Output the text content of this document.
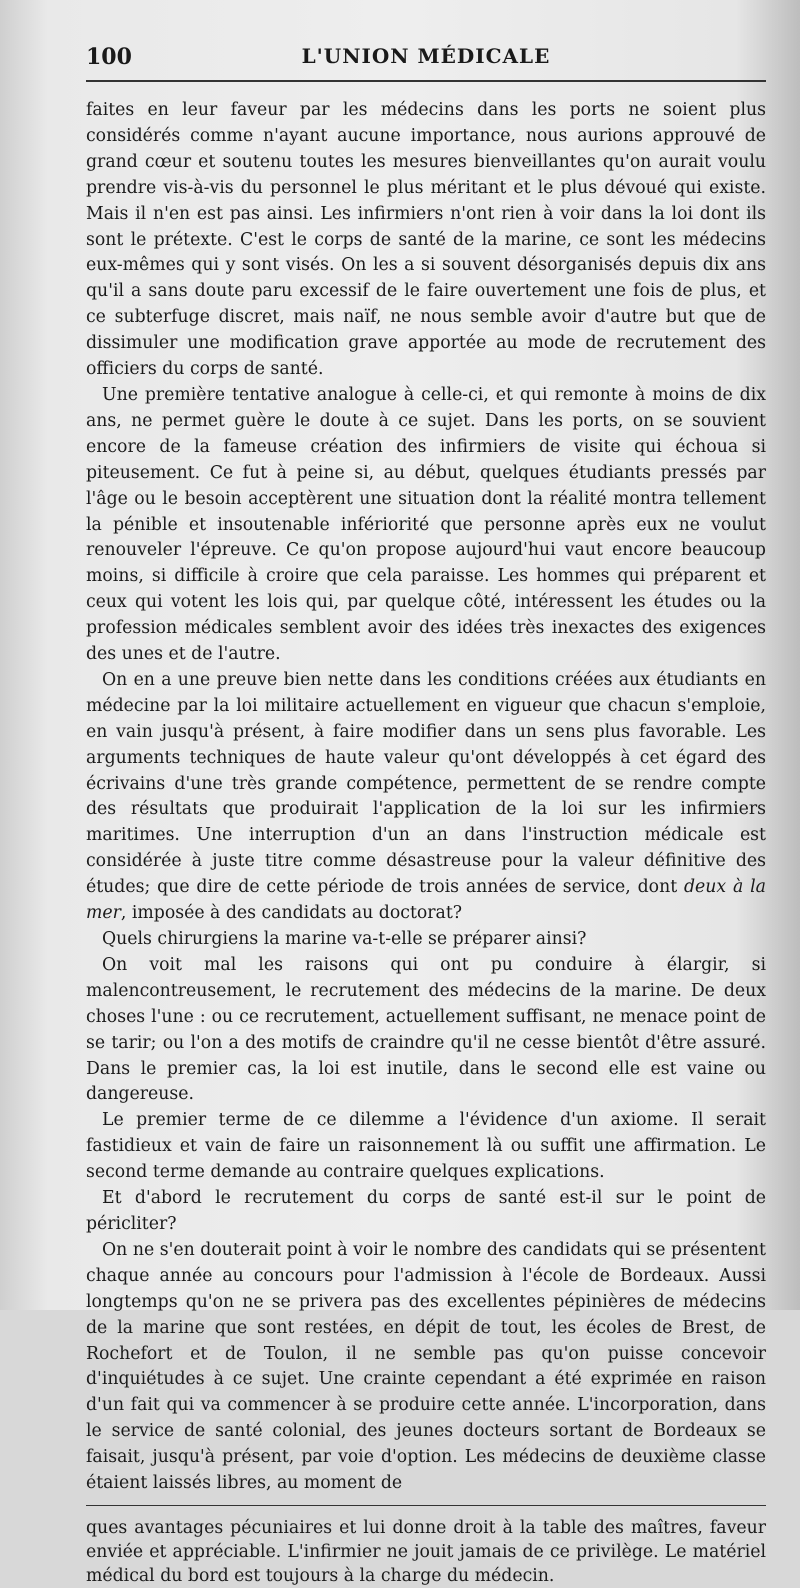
100	L'UNION MÉDICALE

faites en leur faveur par les médecins dans les ports ne soient plus considérés comme n'ayant aucune importance, nous aurions approuvé de grand cœur et soutenu toutes les mesures bienveillantes qu'on aurait voulu prendre vis-à-vis du personnel le plus méritant et le plus dévoué qui existe. Mais il n'en est pas ainsi. Les infirmiers n'ont rien à voir dans la loi dont ils sont le prétexte. C'est le corps de santé de la marine, ce sont les médecins eux-mêmes qui y sont visés. On les a si souvent désorganisés depuis dix ans qu'il a sans doute paru excessif de le faire ouvertement une fois de plus, et ce subterfuge discret, mais naïf, ne nous semble avoir d'autre but que de dissimuler une modification grave apportée au mode de recrutement des officiers du corps de santé.

Une première tentative analogue à celle-ci, et qui remonte à moins de dix ans, ne permet guère le doute à ce sujet. Dans les ports, on se souvient encore de la fameuse création des infirmiers de visite qui échoua si piteusement. Ce fut à peine si, au début, quelques étudiants pressés par l'âge ou le besoin acceptèrent une situation dont la réalité montra tellement la pénible et insoutenable infériorité que personne après eux ne voulut renouveler l'épreuve. Ce qu'on propose aujourd'hui vaut encore beaucoup moins, si difficile à croire que cela paraisse. Les hommes qui préparent et ceux qui votent les lois qui, par quelque côté, intéressent les études ou la profession médicales semblent avoir des idées très inexactes des exigences des unes et de l'autre.

On en a une preuve bien nette dans les conditions créées aux étudiants en médecine par la loi militaire actuellement en vigueur que chacun s'emploie, en vain jusqu'à présent, à faire modifier dans un sens plus favorable. Les arguments techniques de haute valeur qu'ont développés à cet égard des écrivains d'une très grande compétence, permettent de se rendre compte des résultats que produirait l'application de la loi sur les infirmiers maritimes. Une interruption d'un an dans l'instruction médicale est considérée à juste titre comme désastreuse pour la valeur définitive des études; que dire de cette période de trois années de service, dont deux à la mer, imposée à des candidats au doctorat?

Quels chirurgiens la marine va-t-elle se préparer ainsi?

On voit mal les raisons qui ont pu conduire à élargir, si malencontreusement, le recrutement des médecins de la marine. De deux choses l'une : ou ce recrutement, actuellement suffisant, ne menace point de se tarir; ou l'on a des motifs de craindre qu'il ne cesse bientôt d'être assuré. Dans le premier cas, la loi est inutile, dans le second elle est vaine ou dangereuse.

Le premier terme de ce dilemme a l'évidence d'un axiome. Il serait fastidieux et vain de faire un raisonnement là ou suffit une affirmation. Le second terme demande au contraire quelques explications.

Et d'abord le recrutement du corps de santé est-il sur le point de péricliter?

On ne s'en douterait point à voir le nombre des candidats qui se présentent chaque année au concours pour l'admission à l'école de Bordeaux. Aussi longtemps qu'on ne se privera pas des excellentes pépinières de médecins de la marine que sont restées, en dépit de tout, les écoles de Brest, de Rochefort et de Toulon, il ne semble pas qu'on puisse concevoir d'inquiétudes à ce sujet. Une crainte cependant a été exprimée en raison d'un fait qui va commencer à se produire cette année. L'incorporation, dans le service de santé colonial, des jeunes docteurs sortant de Bordeaux se faisait, jusqu'à présent, par voie d'option. Les médecins de deuxième classe étaient laissés libres, au moment de

ques avantages pécuniaires et lui donne droit à la table des maîtres, faveur enviée et appréciable. L'infirmier ne jouit jamais de ce privilège. Le matériel médical du bord est toujours à la charge du médecin.
